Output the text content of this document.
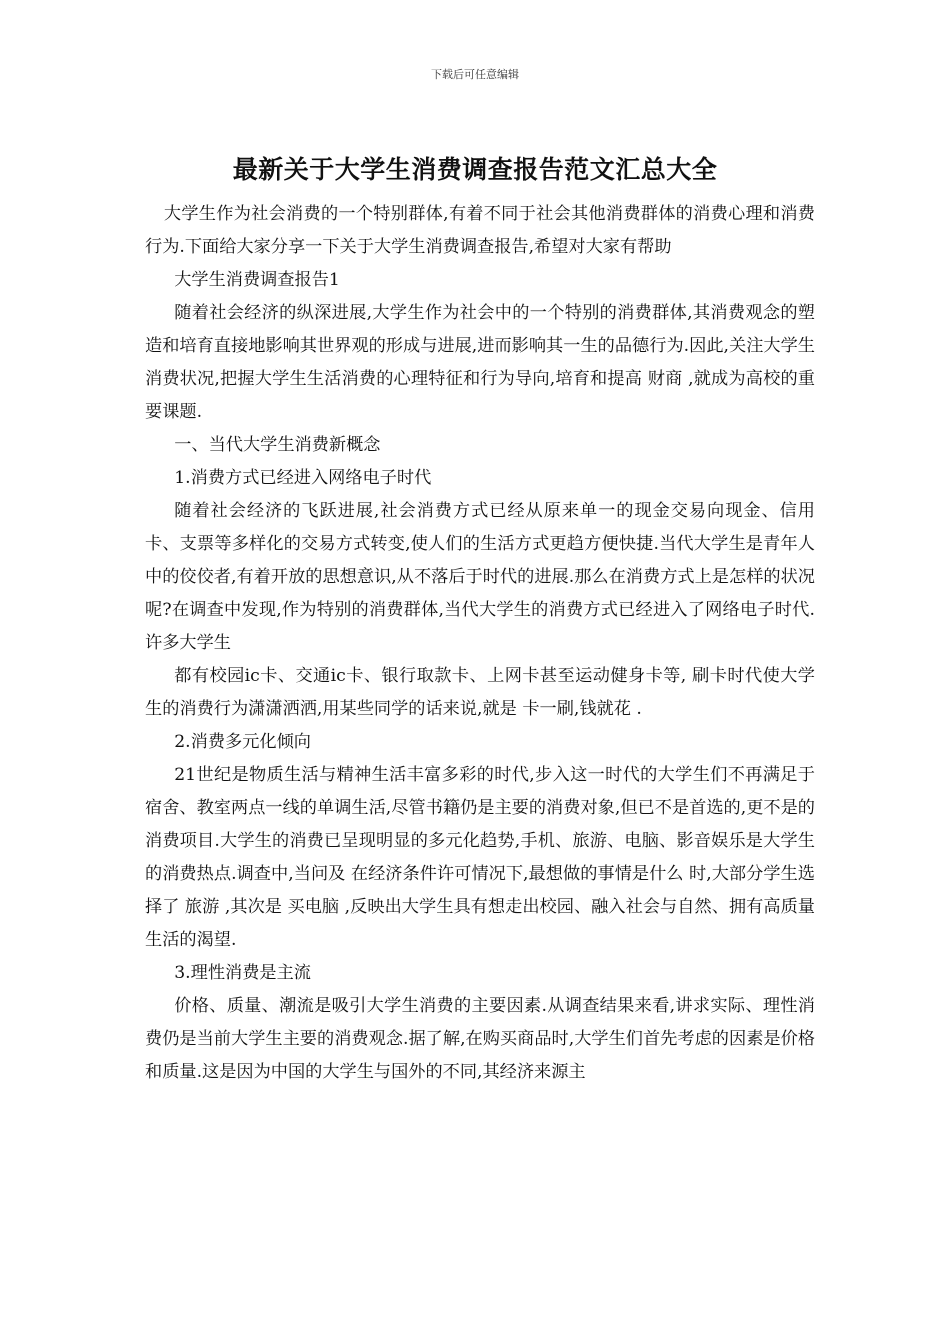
下载后可任意编辑
最新关于大学生消费调查报告范文汇总大全

大学生作为社会消费的一个特别群体,有着不同于社会其他消费群体的消费心理和消费行为.下面给大家分享一下关于大学生消费调查报告,希望对大家有帮助

大学生消费调查报告1

随着社会经济的纵深进展,大学生作为社会中的一个特别的消费群体,其消费观念的塑造和培育直接地影响其世界观的形成与进展,进而影响其一生的品德行为.因此,关注大学生消费状况,把握大学生生活消费的心理特征和行为导向,培育和提高 财商 ,就成为高校的重要课题.

一、当代大学生消费新概念

1.消费方式已经进入网络电子时代

随着社会经济的飞跃进展,社会消费方式已经从原来单一的现金交易向现金、信用卡、支票等多样化的交易方式转变,使人们的生活方式更趋方便快捷.当代大学生是青年人中的佼佼者,有着开放的思想意识,从不落后于时代的进展.那么在消费方式上是怎样的状况呢?在调查中发现,作为特别的消费群体,当代大学生的消费方式已经进入了网络电子时代.许多大学生

都有校园ic卡、交通ic卡、银行取款卡、上网卡甚至运动健身卡等, 刷卡时代使大学生的消费行为潇潇洒洒,用某些同学的话来说,就是 卡一刷,钱就花 .

2.消费多元化倾向

21世纪是物质生活与精神生活丰富多彩的时代,步入这一时代的大学生们不再满足于宿舍、教室两点一线的单调生活,尽管书籍仍是主要的消费对象,但已不是首选的,更不是的消费项目.大学生的消费已呈现明显的多元化趋势,手机、旅游、电脑、影音娱乐是大学生的消费热点.调查中,当问及 在经济条件许可情况下,最想做的事情是什么 时,大部分学生选择了 旅游 ,其次是 买电脑 ,反映出大学生具有想走出校园、融入社会与自然、拥有高质量生活的渴望.

3.理性消费是主流

价格、质量、潮流是吸引大学生消费的主要因素.从调查结果来看,讲求实际、理性消费仍是当前大学生主要的消费观念.据了解,在购买商品时,大学生们首先考虑的因素是价格和质量.这是因为中国的大学生与国外的不同,其经济来源主
